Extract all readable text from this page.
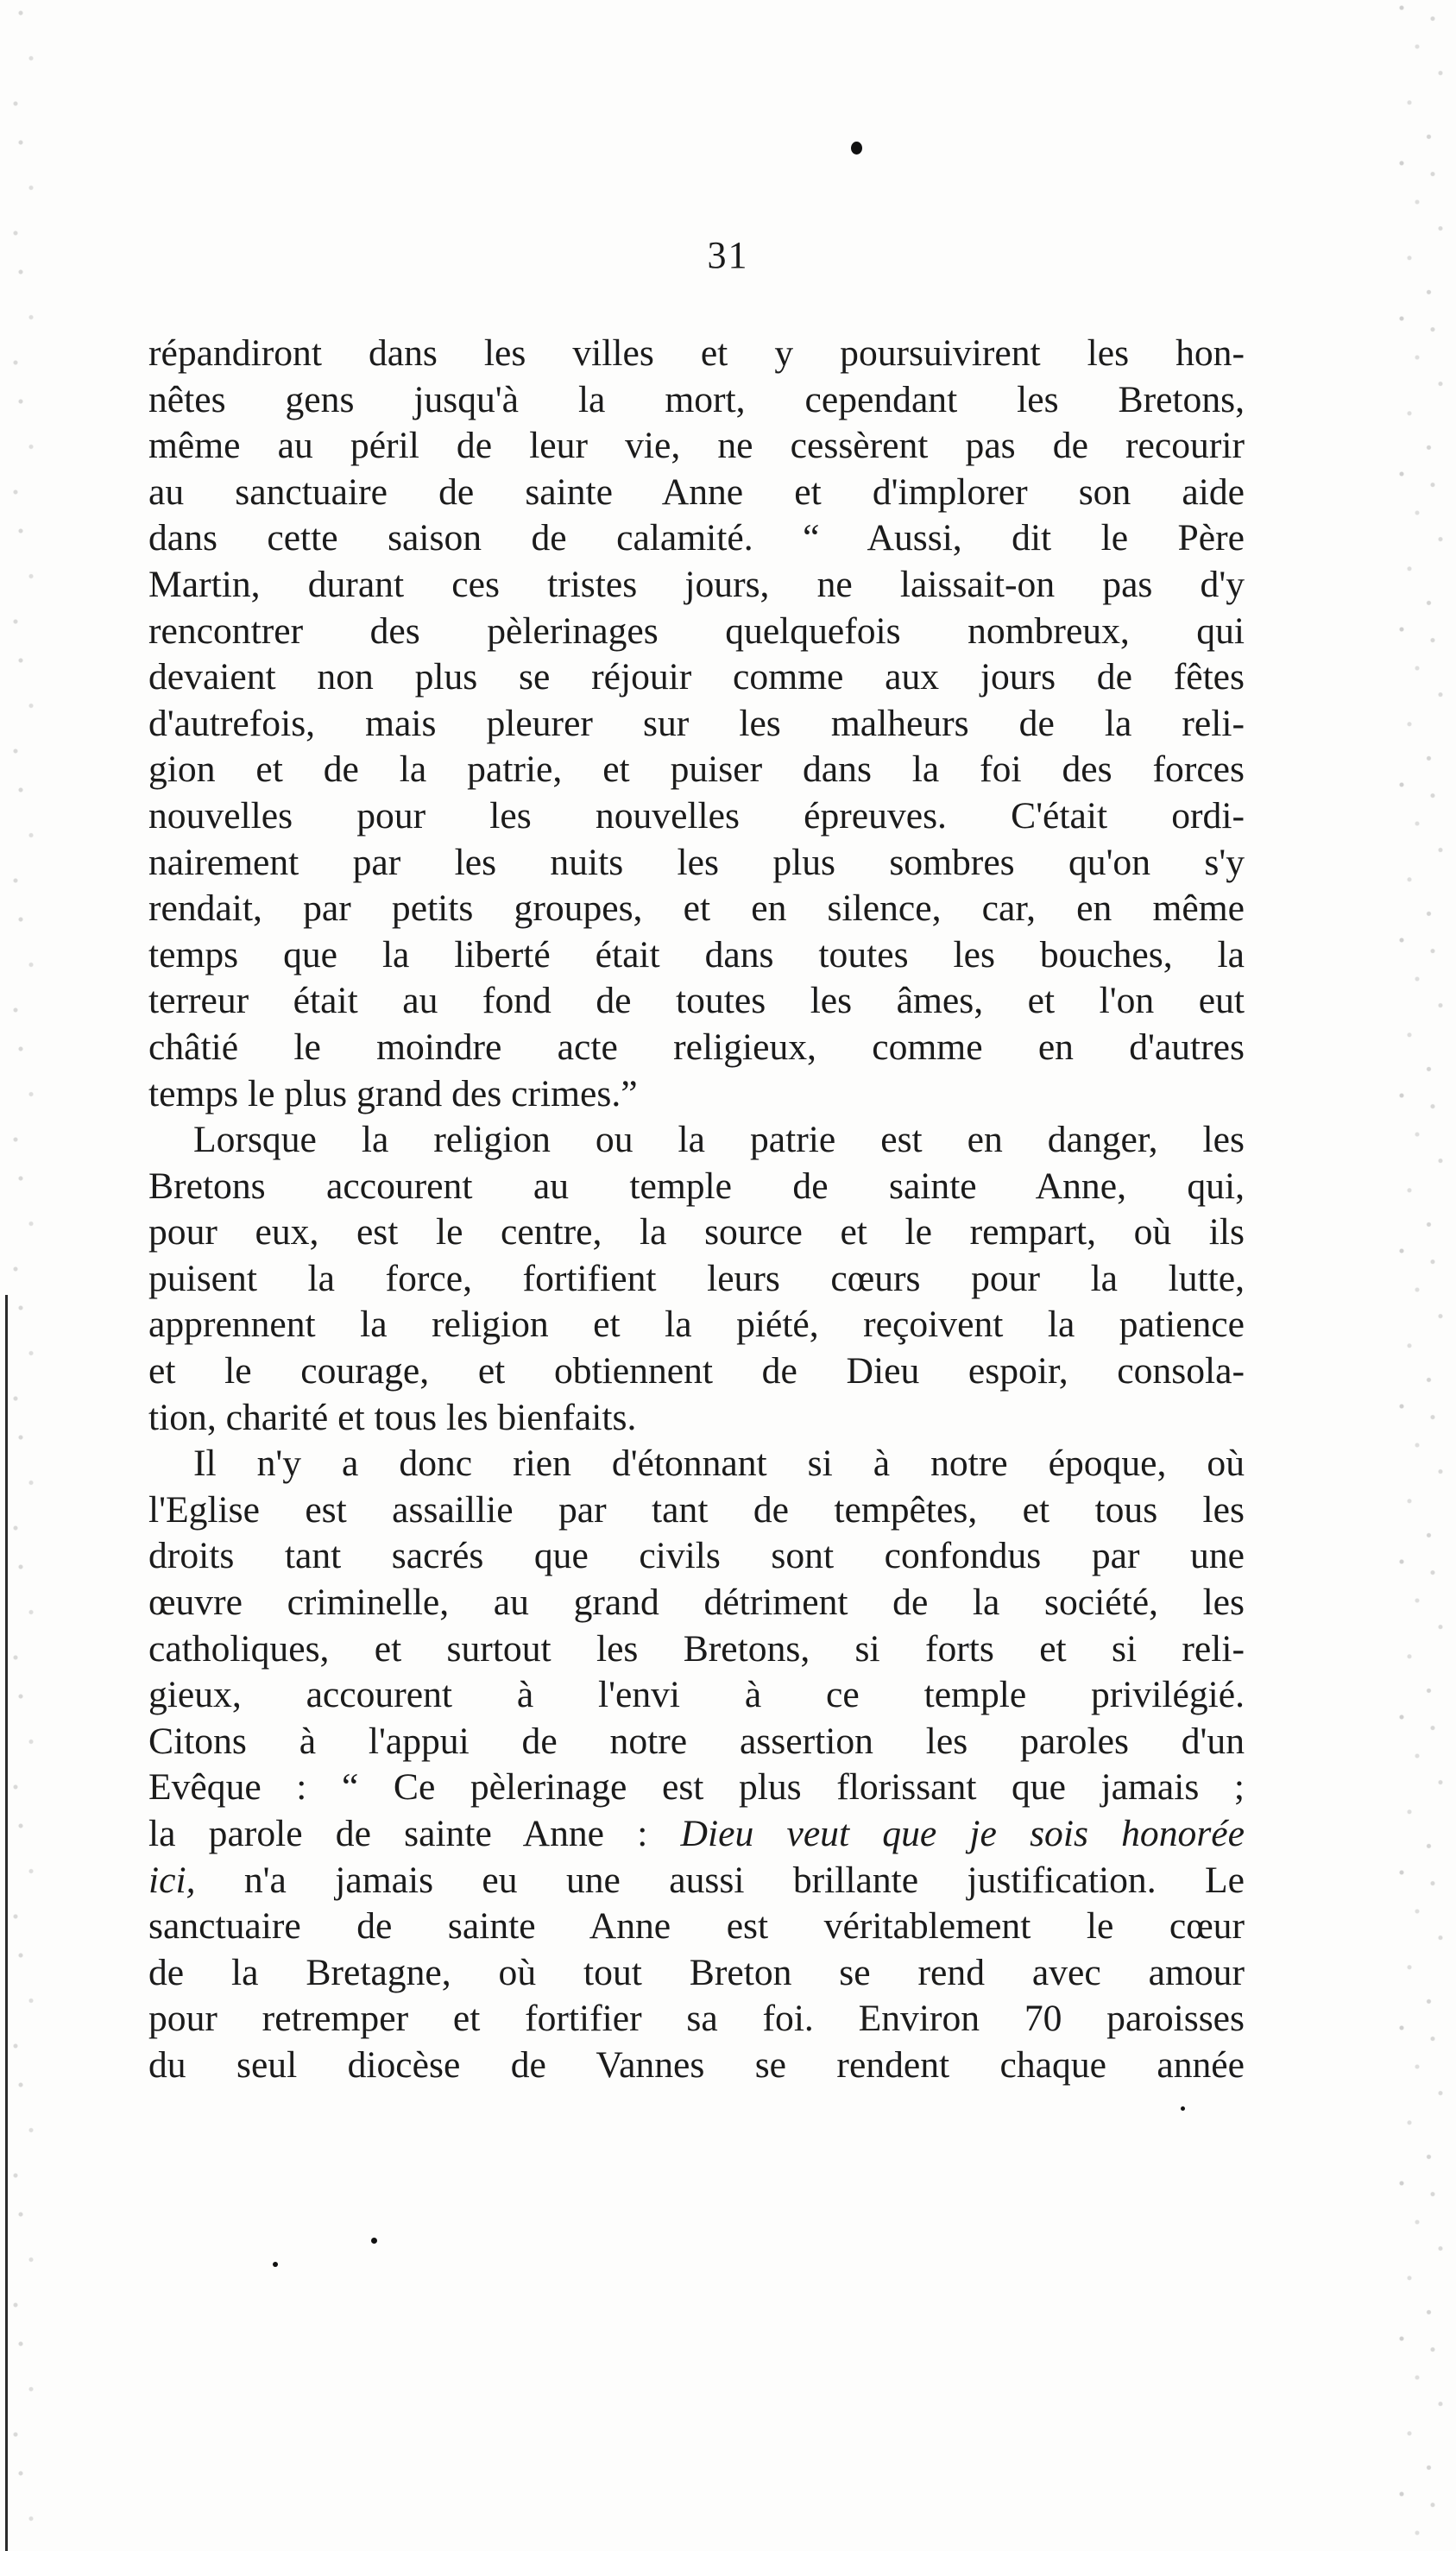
31
répandiront dans les villes et y poursuivirent les hon-
nêtes gens jusqu'à la mort, cependant les Bretons,
même au péril de leur vie, ne cessèrent pas de recourir
au sanctuaire de sainte Anne et d'implorer son aide
dans cette saison de calamité. “ Aussi, dit le Père
Martin, durant ces tristes jours, ne laissait-on pas d'y
rencontrer des pèlerinages quelquefois nombreux, qui
devaient non plus se réjouir comme aux jours de fêtes
d'autrefois, mais pleurer sur les malheurs de la reli-
gion et de la patrie, et puiser dans la foi des forces
nouvelles pour les nouvelles épreuves. C'était ordi-
nairement par les nuits les plus sombres qu'on s'y
rendait, par petits groupes, et en silence, car, en même
temps que la liberté était dans toutes les bouches, la
terreur était au fond de toutes les âmes, et l'on eut
châtié le moindre acte religieux, comme en d'autres
temps le plus grand des crimes.”
Lorsque la religion ou la patrie est en danger, les
Bretons accourent au temple de sainte Anne, qui,
pour eux, est le centre, la source et le rempart, où ils
puisent la force, fortifient leurs cœurs pour la lutte,
apprennent la religion et la piété, reçoivent la patience
et le courage, et obtiennent de Dieu espoir, consola-
tion, charité et tous les bienfaits.
Il n'y a donc rien d'étonnant si à notre époque, où
l'Eglise est assaillie par tant de tempêtes, et tous les
droits tant sacrés que civils sont confondus par une
œuvre criminelle, au grand détriment de la société, les
catholiques, et surtout les Bretons, si forts et si reli-
gieux, accourent à l'envi à ce temple privilégié.
Citons à l'appui de notre assertion les paroles d'un
Evêque : “ Ce pèlerinage est plus florissant que jamais ;
la parole de sainte Anne : Dieu veut que je sois honorée
ici, n'a jamais eu une aussi brillante justification. Le
sanctuaire de sainte Anne est véritablement le cœur
de la Bretagne, où tout Breton se rend avec amour
pour retremper et fortifier sa foi. Environ 70 paroisses
du seul diocèse de Vannes se rendent chaque année
